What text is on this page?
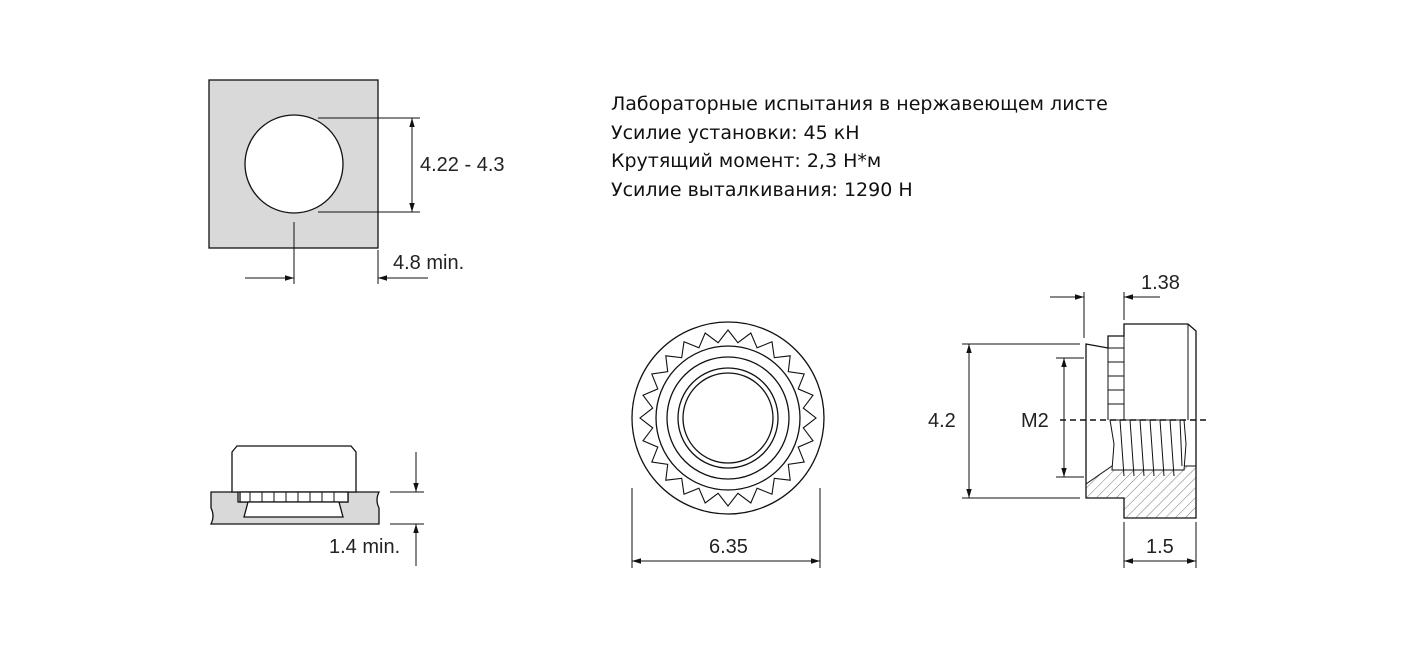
Лабораторные испытания в нержавеющем листе
Усилие установки: 45 кН
Крутящий момент: 2,3 Н*м
Усилие выталкивания: 1290 Н
4.22 - 4.3
4.8 min.
1.4 min.	6.35
1.38
4.2	M2
1.5
